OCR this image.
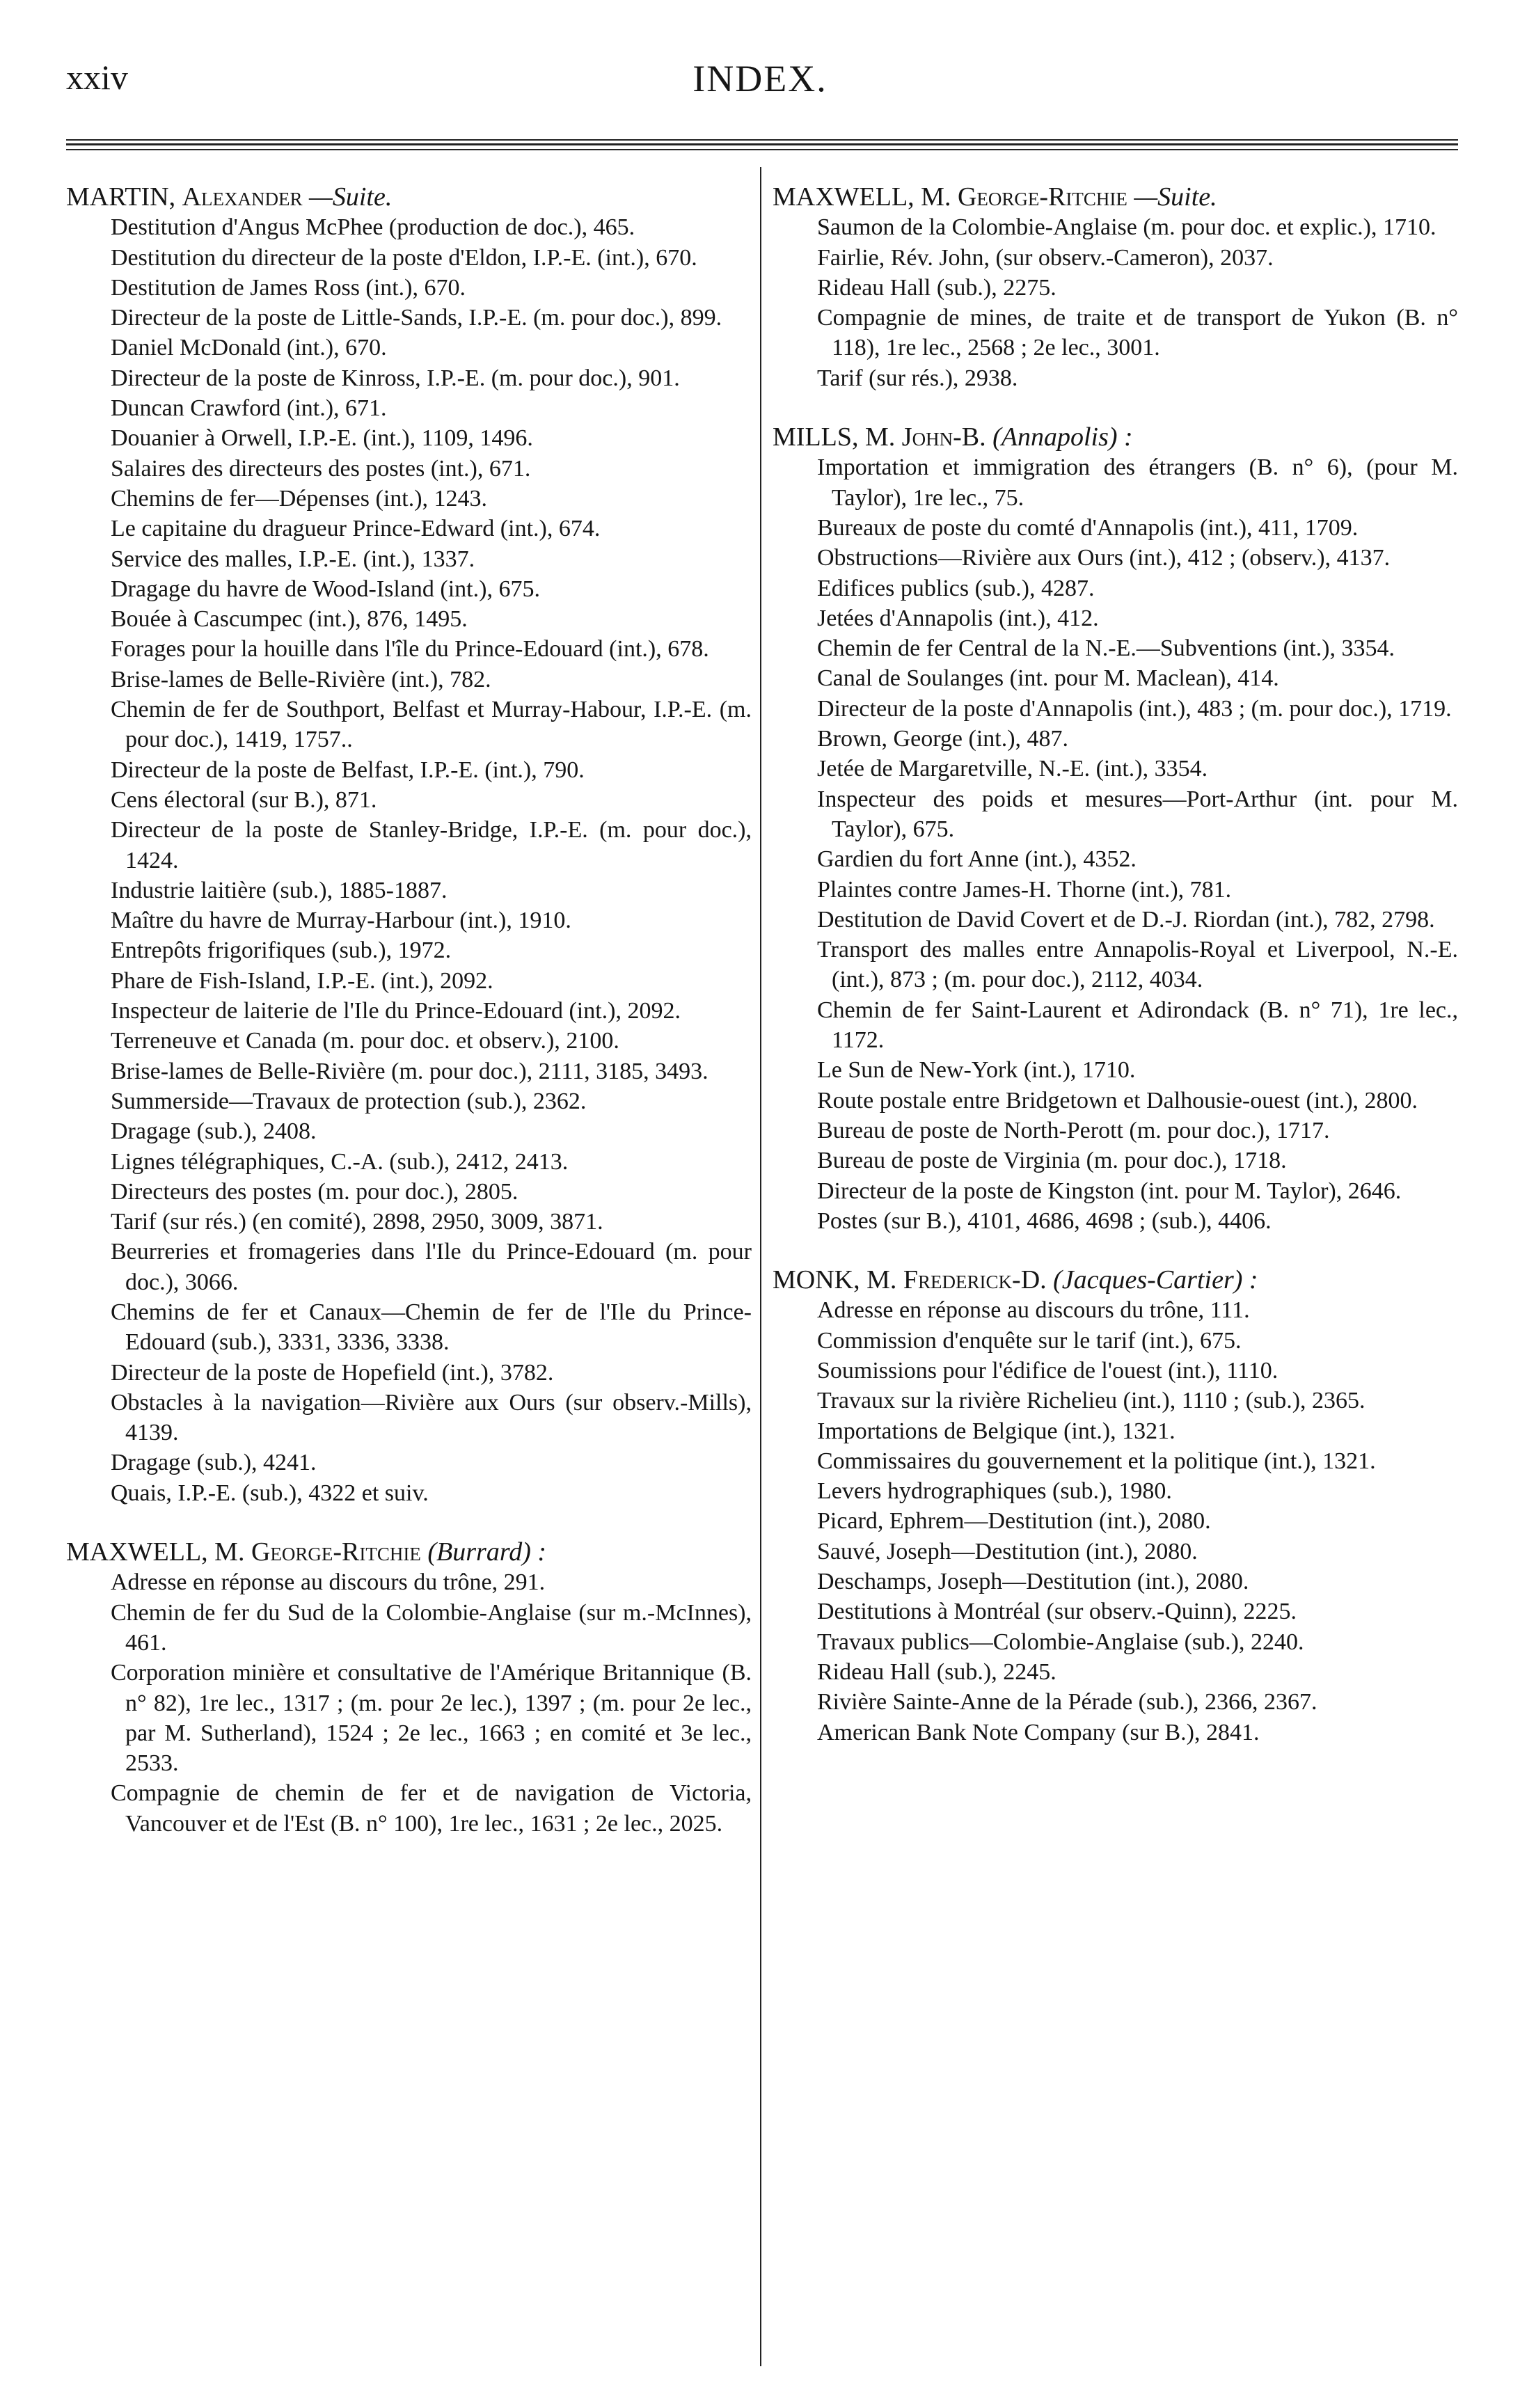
xxiv	INDEX.
MARTIN, Alexander —Suite.
Destitution d'Angus McPhee (production de doc.), 465.
Destitution du directeur de la poste d'Eldon, I.P.-E. (int.), 670.
Destitution de James Ross (int.), 670.
Directeur de la poste de Little-Sands, I.P.-E. (m. pour doc.), 899.
Daniel McDonald (int.), 670.
Directeur de la poste de Kinross, I.P.-E. (m. pour doc.), 901.
Duncan Crawford (int.), 671.
Douanier à Orwell, I.P.-E. (int.), 1109, 1496.
Salaires des directeurs des postes (int.), 671.
Chemins de fer—Dépenses (int.), 1243.
Le capitaine du dragueur Prince-Edward (int.), 674.
Service des malles, I.P.-E. (int.), 1337.
Dragage du havre de Wood-Island (int.), 675.
Bouée à Cascumpec (int.), 876, 1495.
Forages pour la houille dans l'île du Prince-Edouard (int.), 678.
Brise-lames de Belle-Rivière (int.), 782.
Chemin de fer de Southport, Belfast et Murray-Habour, I.P.-E. (m. pour doc.), 1419, 1757..
Directeur de la poste de Belfast, I.P.-E. (int.), 790.
Cens électoral (sur B.), 871.
Directeur de la poste de Stanley-Bridge, I.P.-E. (m. pour doc.), 1424.
Industrie laitière (sub.), 1885-1887.
Maître du havre de Murray-Harbour (int.), 1910.
Entrepôts frigorifiques (sub.), 1972.
Phare de Fish-Island, I.P.-E. (int.), 2092.
Inspecteur de laiterie de l'Ile du Prince-Edouard (int.), 2092.
Terreneuve et Canada (m. pour doc. et observ.), 2100.
Brise-lames de Belle-Rivière (m. pour doc.), 2111, 3185, 3493.
Summerside—Travaux de protection (sub.), 2362.
Dragage (sub.), 2408.
Lignes télégraphiques, C.-A. (sub.), 2412, 2413.
Directeurs des postes (m. pour doc.), 2805.
Tarif (sur rés.) (en comité), 2898, 2950, 3009, 3871.
Beurreries et fromageries dans l'Ile du Prince-Edouard (m. pour doc.), 3066.
Chemins de fer et Canaux—Chemin de fer de l'Ile du Prince-Edouard (sub.), 3331, 3336, 3338.
Directeur de la poste de Hopefield (int.), 3782.
Obstacles à la navigation—Rivière aux Ours (sur observ.-Mills), 4139.
Dragage (sub.), 4241.
Quais, I.P.-E. (sub.), 4322 et suiv.
MAXWELL, M. George-Ritchie (Burrard) :
Adresse en réponse au discours du trône, 291.
Chemin de fer du Sud de la Colombie-Anglaise (sur m.-McInnes), 461.
Corporation minière et consultative de l'Amérique Britannique (B. n° 82), 1re lec., 1317 ; (m. pour 2e lec.), 1397 ; (m. pour 2e lec., par M. Sutherland), 1524 ; 2e lec., 1663 ; en comité et 3e lec., 2533.
Compagnie de chemin de fer et de navigation de Victoria, Vancouver et de l'Est (B. n° 100), 1re lec., 1631 ; 2e lec., 2025.
MAXWELL, M. George-Ritchie —Suite.
Saumon de la Colombie-Anglaise (m. pour doc. et explic.), 1710.
Fairlie, Rév. John, (sur observ.-Cameron), 2037.
Rideau Hall (sub.), 2275.
Compagnie de mines, de traite et de transport de Yukon (B. n° 118), 1re lec., 2568 ; 2e lec., 3001.
Tarif (sur rés.), 2938.
MILLS, M. John-B. (Annapolis) :
Importation et immigration des étrangers (B. n° 6), (pour M. Taylor), 1re lec., 75.
Bureaux de poste du comté d'Annapolis (int.), 411, 1709.
Obstructions—Rivière aux Ours (int.), 412 ; (observ.), 4137.
Edifices publics (sub.), 4287.
Jetées d'Annapolis (int.), 412.
Chemin de fer Central de la N.-E.—Subventions (int.), 3354.
Canal de Soulanges (int. pour M. Maclean), 414.
Directeur de la poste d'Annapolis (int.), 483 ; (m. pour doc.), 1719.
Brown, George (int.), 487.
Jetée de Margaretville, N.-E. (int.), 3354.
Inspecteur des poids et mesures—Port-Arthur (int. pour M. Taylor), 675.
Gardien du fort Anne (int.), 4352.
Plaintes contre James-H. Thorne (int.), 781.
Destitution de David Covert et de D.-J. Riordan (int.), 782, 2798.
Transport des malles entre Annapolis-Royal et Liverpool, N.-E. (int.), 873 ; (m. pour doc.), 2112, 4034.
Chemin de fer Saint-Laurent et Adirondack (B. n° 71), 1re lec., 1172.
Le Sun de New-York (int.), 1710.
Route postale entre Bridgetown et Dalhousie-ouest (int.), 2800.
Bureau de poste de North-Perott (m. pour doc.), 1717.
Bureau de poste de Virginia (m. pour doc.), 1718.
Directeur de la poste de Kingston (int. pour M. Taylor), 2646.
Postes (sur B.), 4101, 4686, 4698 ; (sub.), 4406.
MONK, M. Frederick-D. (Jacques-Cartier) :
Adresse en réponse au discours du trône, 111.
Commission d'enquête sur le tarif (int.), 675.
Soumissions pour l'édifice de l'ouest (int.), 1110.
Travaux sur la rivière Richelieu (int.), 1110 ; (sub.), 2365.
Importations de Belgique (int.), 1321.
Commissaires du gouvernement et la politique (int.), 1321.
Levers hydrographiques (sub.), 1980.
Picard, Ephrem—Destitution (int.), 2080.
Sauvé, Joseph—Destitution (int.), 2080.
Deschamps, Joseph—Destitution (int.), 2080.
Destitutions à Montréal (sur observ.-Quinn), 2225.
Travaux publics—Colombie-Anglaise (sub.), 2240.
Rideau Hall (sub.), 2245.
Rivière Sainte-Anne de la Pérade (sub.), 2366, 2367.
American Bank Note Company (sur B.), 2841.
